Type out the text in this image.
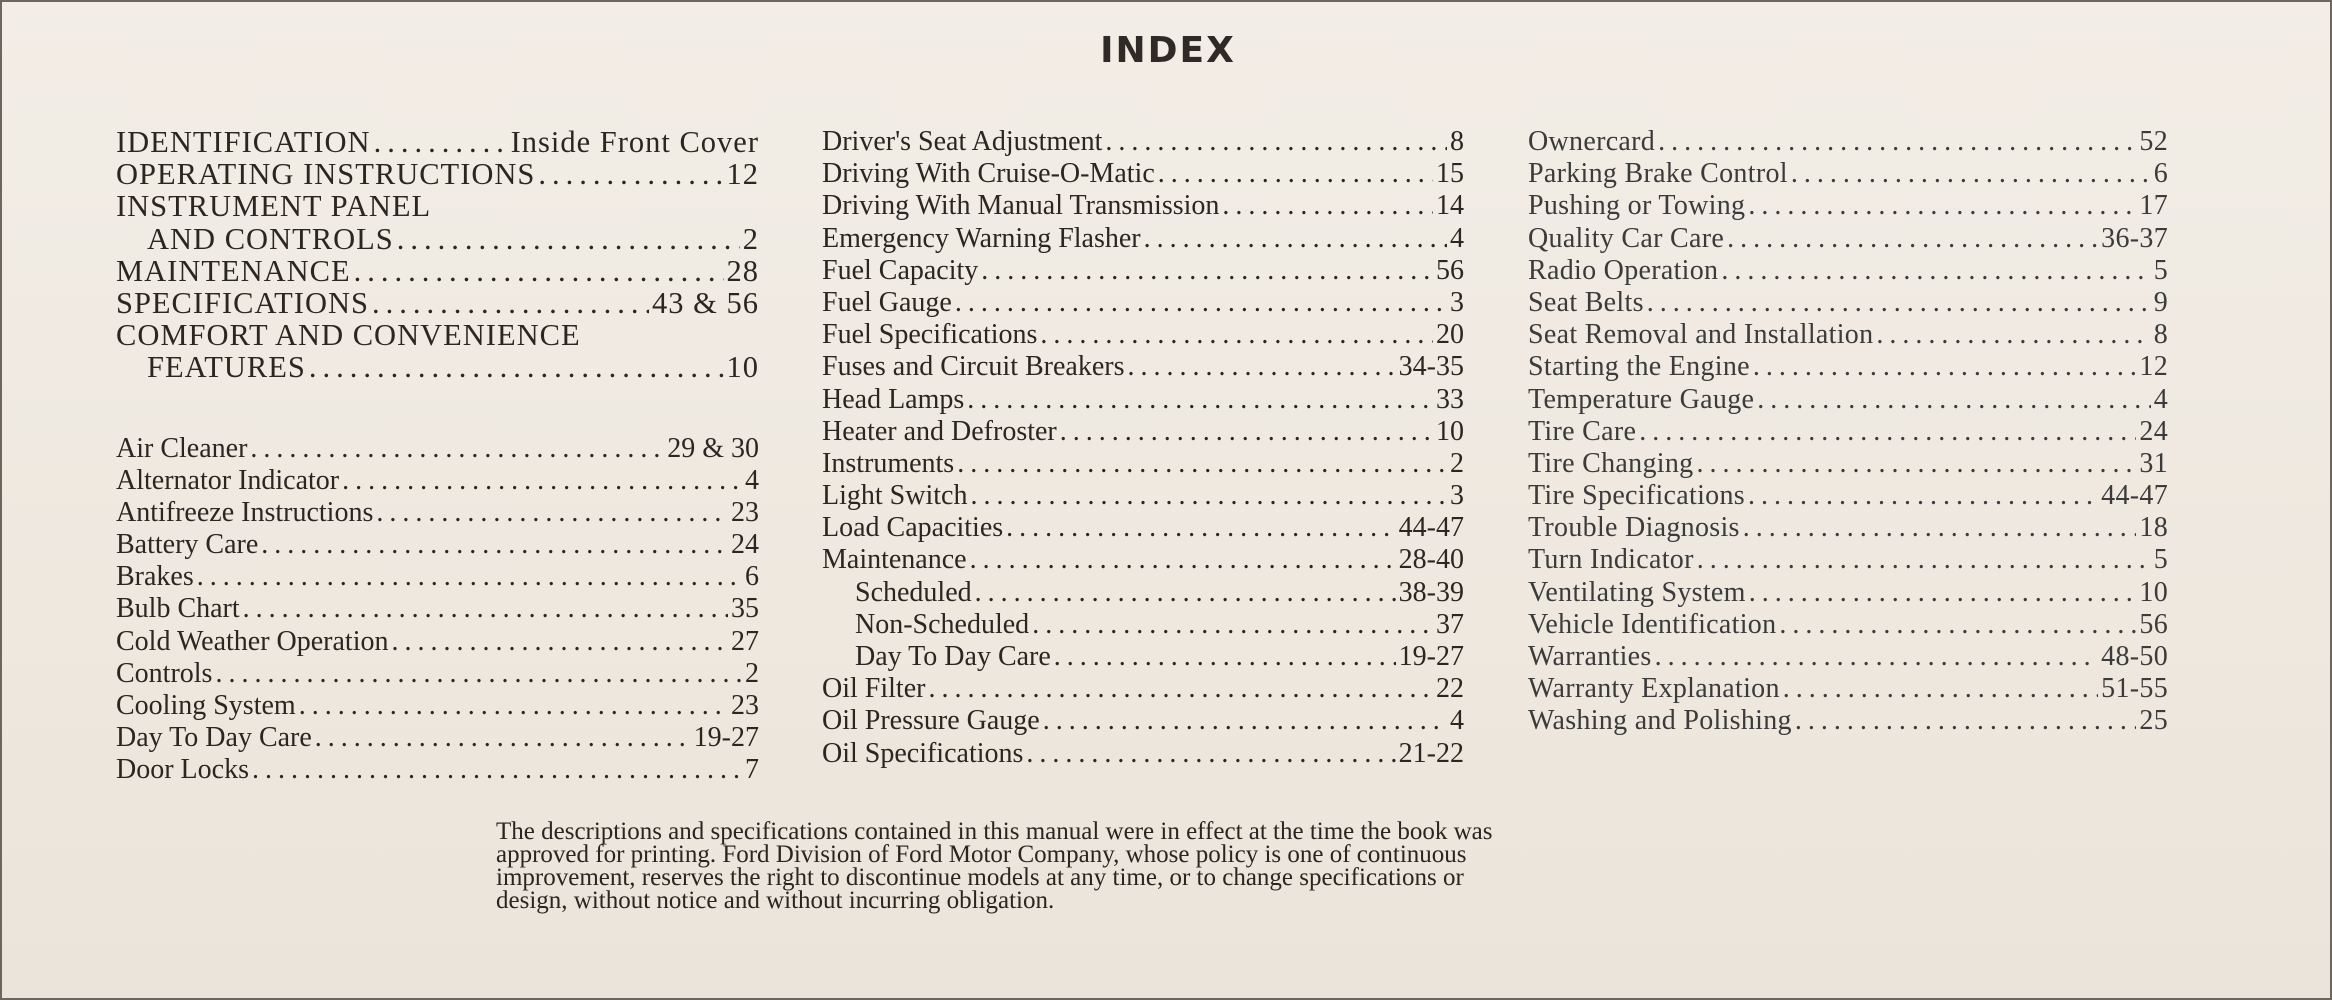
INDEX
IDENTIFICATION .....	Inside Front Cover
OPERATING INSTRUCTIONS .....	12
INSTRUMENT PANEL
AND CONTROLS .....	2
MAINTENANCE .....	28
SPECIFICATIONS .....	43 & 56
COMFORT AND CONVENIENCE
FEATURES .....	10
Air Cleaner .....	29 & 30
Alternator Indicator .....	4
Antifreeze Instructions .....	23
Battery Care .....	24
Brakes .....	6
Bulb Chart .....	35
Cold Weather Operation .....	27
Controls .....	2
Cooling System .....	23
Day To Day Care .....	19-27
Door Locks .....	7
Driver's Seat Adjustment .....	8
Driving With Cruise-O-Matic .....	15
Driving With Manual Transmission .....	14
Emergency Warning Flasher .....	4
Fuel Capacity .....	56
Fuel Gauge .....	3
Fuel Specifications .....	20
Fuses and Circuit Breakers .....	34-35
Head Lamps .....	33
Heater and Defroster .....	10
Instruments .....	2
Light Switch .....	3
Load Capacities .....	44-47
Maintenance .....	28-40
Scheduled .....	38-39
Non-Scheduled .....	37
Day To Day Care .....	19-27
Oil Filter .....	22
Oil Pressure Gauge .....	4
Oil Specifications .....	21-22
Ownercard .....	52
Parking Brake Control .....	6
Pushing or Towing .....	17
Quality Car Care .....	36-37
Radio Operation .....	5
Seat Belts .....	9
Seat Removal and Installation .....	8
Starting the Engine .....	12
Temperature Gauge .....	4
Tire Care .....	24
Tire Changing .....	31
Tire Specifications .....	44-47
Trouble Diagnosis .....	18
Turn Indicator .....	5
Ventilating System .....	10
Vehicle Identification .....	56
Warranties .....	48-50
Warranty Explanation .....	51-55
Washing and Polishing .....	25
The descriptions and specifications contained in this manual were in effect at the time the book was
approved for printing. Ford Division of Ford Motor Company, whose policy is one of continuous
improvement, reserves the right to discontinue models at any time, or to change specifications or
design, without notice and without incurring obligation.
